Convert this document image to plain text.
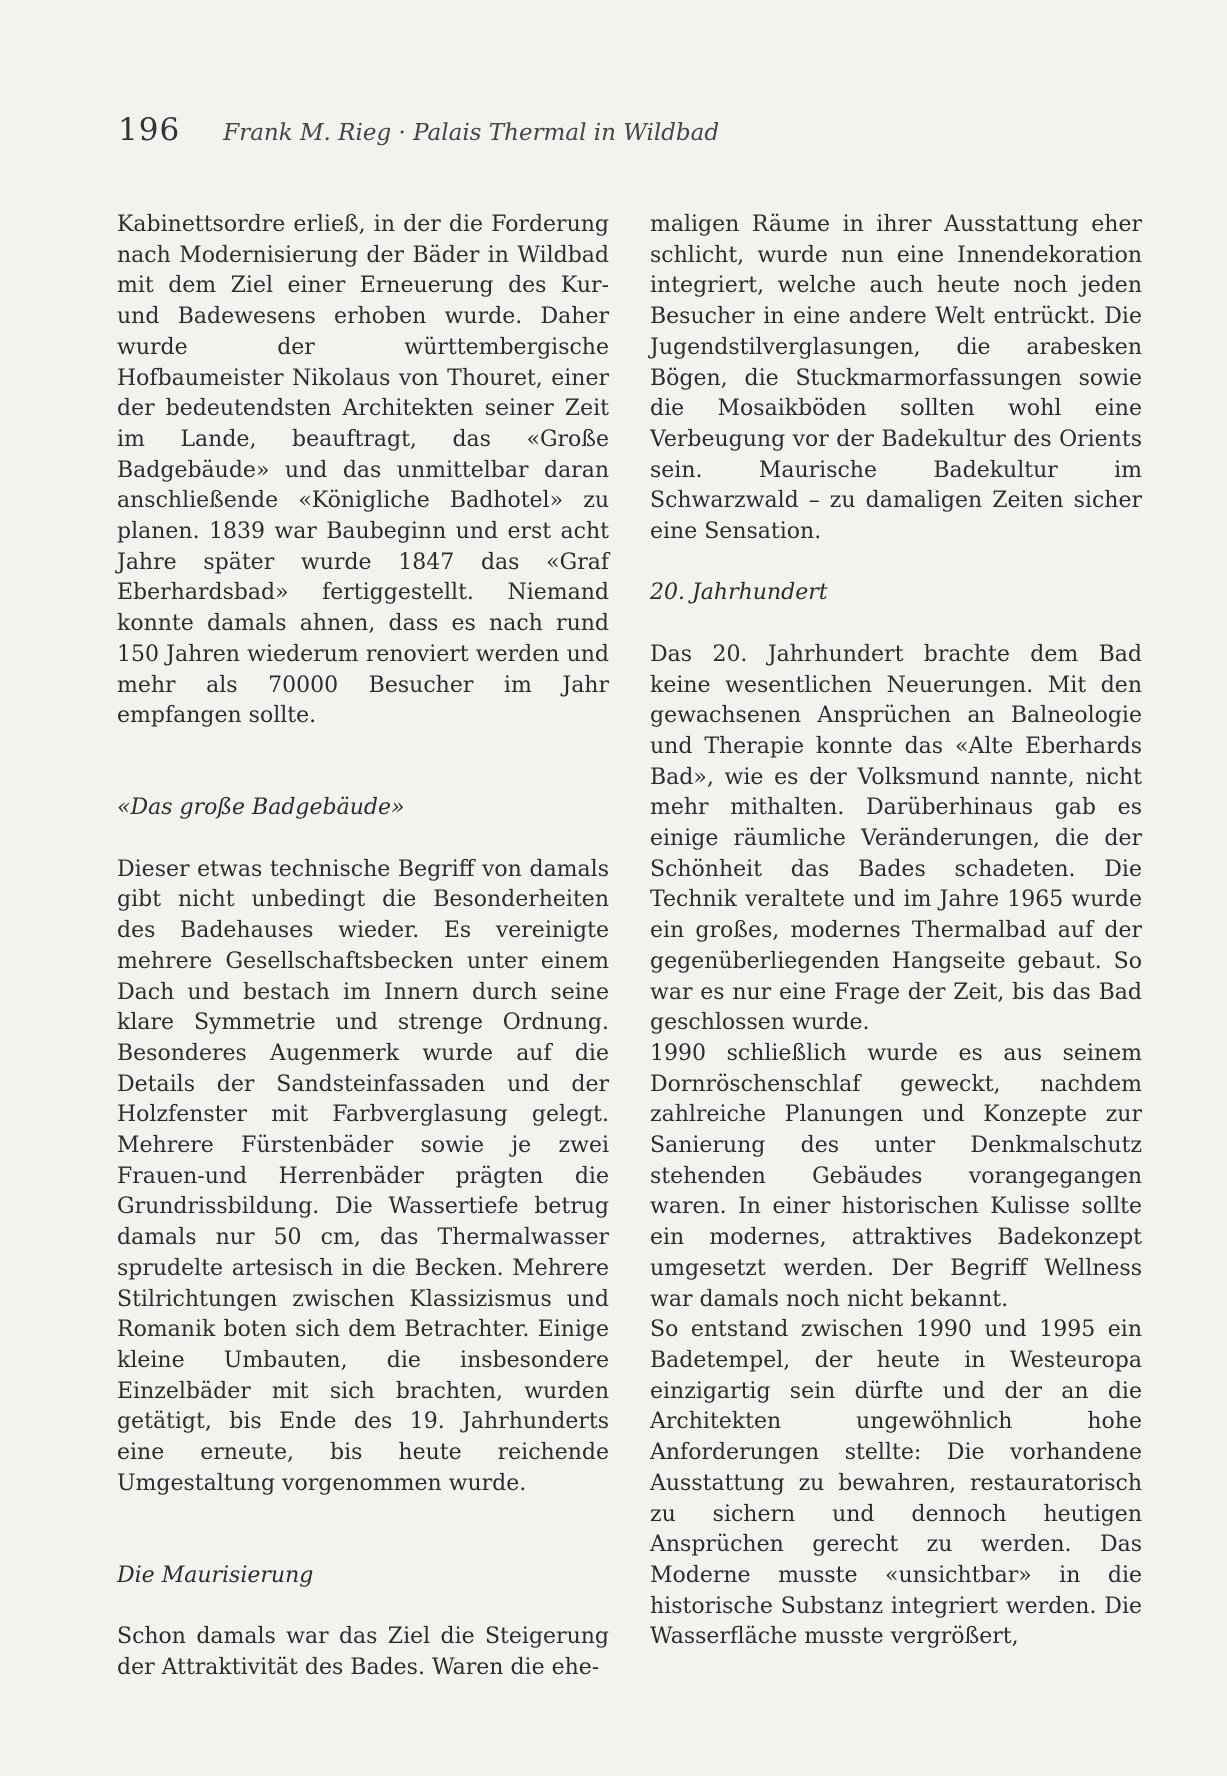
196 Frank M. Rieg · Palais Thermal in Wildbad

Kabinettsordre erließ, in der die Forderung nach Modernisierung der Bäder in Wildbad mit dem Ziel einer Erneuerung des Kur- und Badewesens erhoben wurde. Daher wurde der württembergische Hofbaumeister Nikolaus von Thouret, einer der bedeutendsten Architekten seiner Zeit im Lande, beauftragt, das «Große Badgebäude» und das unmittelbar daran anschließende «Königliche Badhotel» zu planen. 1839 war Baubeginn und erst acht Jahre später wurde 1847 das «Graf Eberhardsbad» fertiggestellt. Niemand konnte damals ahnen, dass es nach rund 150 Jahren wiederum renoviert werden und mehr als 70000 Besucher im Jahr empfangen sollte.

«Das große Badgebäude»

Dieser etwas technische Begriff von damals gibt nicht unbedingt die Besonderheiten des Badehauses wieder. Es vereinigte mehrere Gesellschaftsbecken unter einem Dach und bestach im Innern durch seine klare Symmetrie und strenge Ordnung. Besonderes Augenmerk wurde auf die Details der Sandsteinfassaden und der Holzfenster mit Farbverglasung gelegt. Mehrere Fürstenbäder sowie je zwei Frauen-und Herrenbäder prägten die Grundrissbildung. Die Wassertiefe betrug damals nur 50 cm, das Thermalwasser sprudelte artesisch in die Becken. Mehrere Stilrichtungen zwischen Klassizismus und Romanik boten sich dem Betrachter. Einige kleine Umbauten, die insbesondere Einzelbäder mit sich brachten, wurden getätigt, bis Ende des 19. Jahrhunderts eine erneute, bis heute reichende Umgestaltung vorgenommen wurde.

Die Maurisierung

Schon damals war das Ziel die Steigerung der Attraktivität des Bades. Waren die ehe-

maligen Räume in ihrer Ausstattung eher schlicht, wurde nun eine Innendekoration integriert, welche auch heute noch jeden Besucher in eine andere Welt entrückt. Die Jugendstilverglasungen, die arabesken Bögen, die Stuckmarmorfassungen sowie die Mosaikböden sollten wohl eine Verbeugung vor der Badekultur des Orients sein. Maurische Badekultur im Schwarzwald – zu damaligen Zeiten sicher eine Sensation.

20. Jahrhundert

Das 20. Jahrhundert brachte dem Bad keine wesentlichen Neuerungen. Mit den gewachsenen Ansprüchen an Balneologie und Therapie konnte das «Alte Eberhards Bad», wie es der Volksmund nannte, nicht mehr mithalten. Darüberhinaus gab es einige räumliche Veränderungen, die der Schönheit das Bades schadeten. Die Technik veraltete und im Jahre 1965 wurde ein großes, modernes Thermalbad auf der gegenüberliegenden Hangseite gebaut. So war es nur eine Frage der Zeit, bis das Bad geschlossen wurde.

1990 schließlich wurde es aus seinem Dornröschenschlaf geweckt, nachdem zahlreiche Planungen und Konzepte zur Sanierung des unter Denkmalschutz stehenden Gebäudes vorangegangen waren. In einer historischen Kulisse sollte ein modernes, attraktives Badekonzept umgesetzt werden. Der Begriff Wellness war damals noch nicht bekannt.

So entstand zwischen 1990 und 1995 ein Badetempel, der heute in Westeuropa einzigartig sein dürfte und der an die Architekten ungewöhnlich hohe Anforderungen stellte: Die vorhandene Ausstattung zu bewahren, restauratorisch zu sichern und dennoch heutigen Ansprüchen gerecht zu werden. Das Moderne musste «unsichtbar» in die historische Substanz integriert werden. Die Wasserfläche musste vergrößert,
